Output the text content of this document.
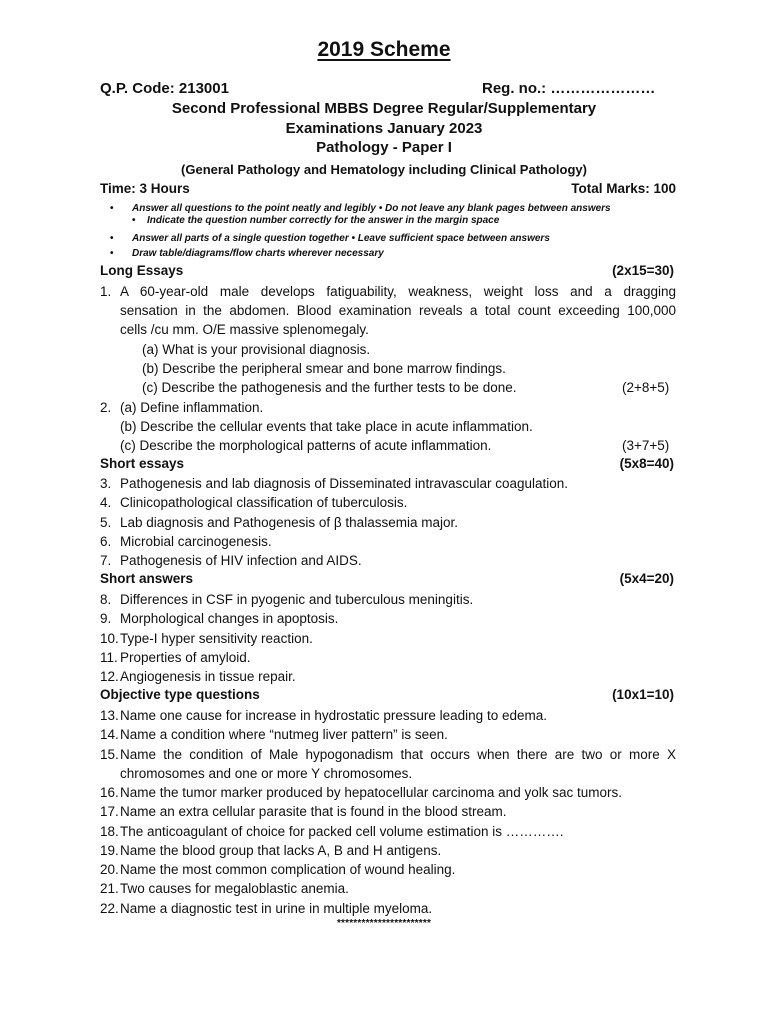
2019 Scheme
Q.P. Code: 213001	Reg. no.: …………………
Second Professional MBBS Degree Regular/Supplementary
Examinations January 2023
Pathology - Paper I
(General Pathology and Hematology including Clinical Pathology)
Time: 3 Hours	Total Marks: 100
• Answer all questions to the point neatly and legibly • Do not leave any blank pages between answers
• Indicate the question number correctly for the answer in the margin space
• Answer all parts of a single question together • Leave sufficient space between answers
• Draw table/diagrams/flow charts wherever necessary
Long Essays	(2x15=30)
1. A 60-year-old male develops fatiguability, weakness, weight loss and a dragging
sensation in the abdomen. Blood examination reveals a total count exceeding 100,000
cells /cu mm. O/E massive splenomegaly.
(a) What is your provisional diagnosis.
(b) Describe the peripheral smear and bone marrow findings.
(c) Describe the pathogenesis and the further tests to be done.	(2+8+5)
2. (a) Define inflammation.
(b) Describe the cellular events that take place in acute inflammation.
(c) Describe the morphological patterns of acute inflammation.	(3+7+5)
Short essays	(5x8=40)
3. Pathogenesis and lab diagnosis of Disseminated intravascular coagulation.
4. Clinicopathological classification of tuberculosis.
5. Lab diagnosis and Pathogenesis of β thalassemia major.
6. Microbial carcinogenesis.
7. Pathogenesis of HIV infection and AIDS.
Short answers	(5x4=20)
8. Differences in CSF in pyogenic and tuberculous meningitis.
9. Morphological changes in apoptosis.
10. Type-I hyper sensitivity reaction.
11. Properties of amyloid.
12. Angiogenesis in tissue repair.
Objective type questions	(10x1=10)
13. Name one cause for increase in hydrostatic pressure leading to edema.
14. Name a condition where “nutmeg liver pattern” is seen.
15. Name the condition of Male hypogonadism that occurs when there are two or more X
chromosomes and one or more Y chromosomes.
16. Name the tumor marker produced by hepatocellular carcinoma and yolk sac tumors.
17. Name an extra cellular parasite that is found in the blood stream.
18. The anticoagulant of choice for packed cell volume estimation is ………….
19. Name the blood group that lacks A, B and H antigens.
20. Name the most common complication of wound healing.
21. Two causes for megaloblastic anemia.
22. Name a diagnostic test in urine in multiple myeloma.
***********************
